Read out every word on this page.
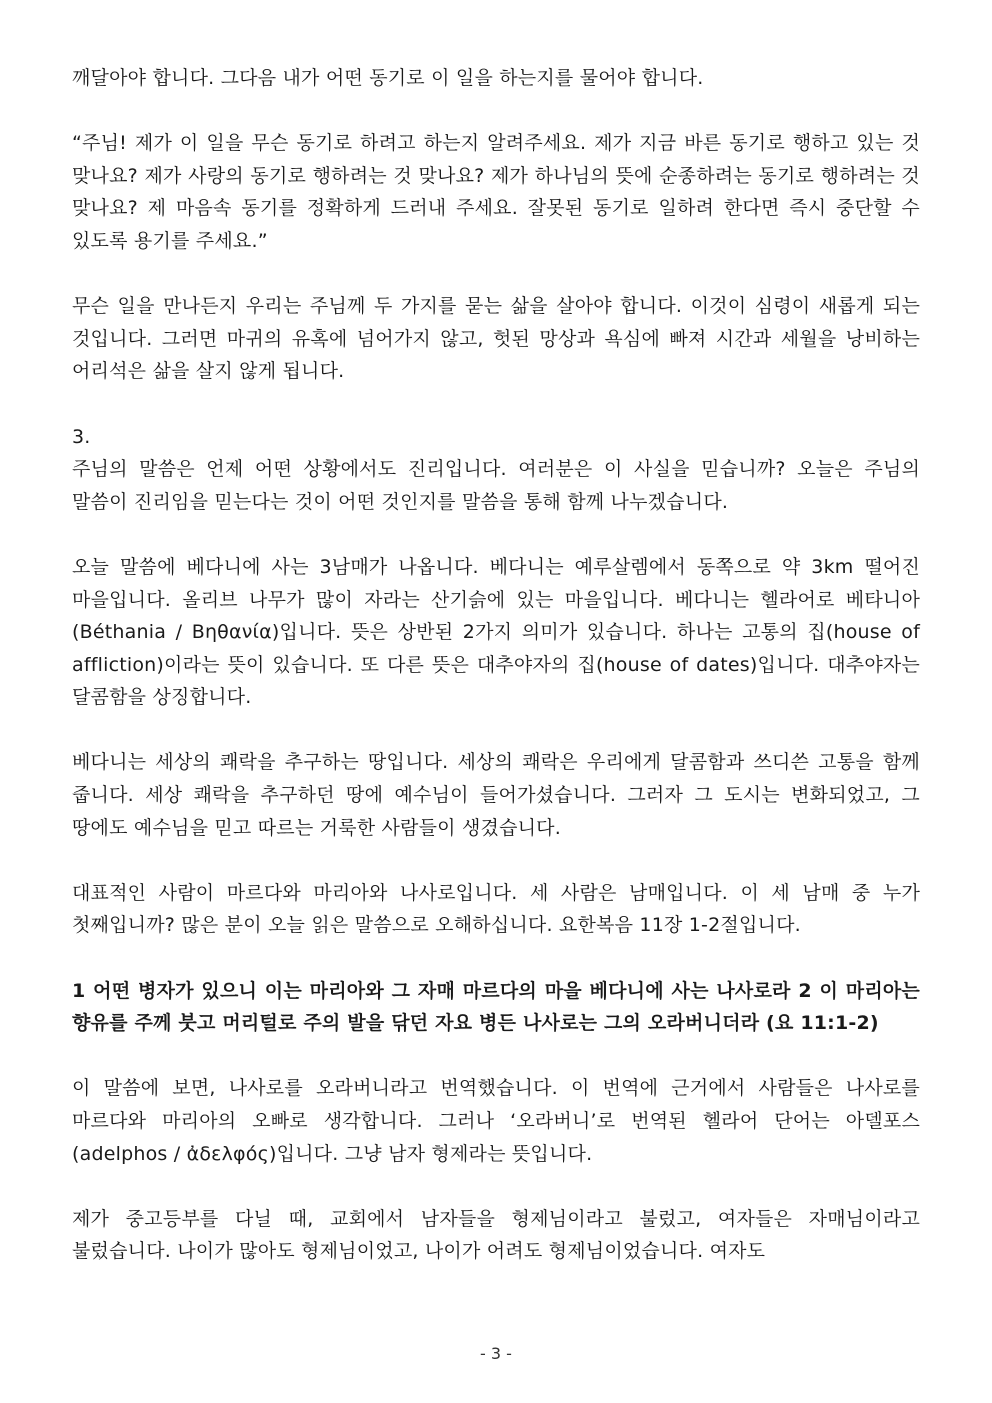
깨달아야 합니다. 그다음 내가 어떤 동기로 이 일을 하는지를 물어야 합니다.

“주님! 제가 이 일을 무슨 동기로 하려고 하는지 알려주세요. 제가 지금 바른 동기로 행하고 있는 것 맞나요? 제가 사랑의 동기로 행하려는 것 맞나요? 제가 하나님의 뜻에 순종하려는 동기로 행하려는 것 맞나요? 제 마음속 동기를 정확하게 드러내 주세요. 잘못된 동기로 일하려 한다면 즉시 중단할 수 있도록 용기를 주세요.”

무슨 일을 만나든지 우리는 주님께 두 가지를 묻는 삶을 살아야 합니다. 이것이 심령이 새롭게 되는 것입니다. 그러면 마귀의 유혹에 넘어가지 않고, 헛된 망상과 욕심에 빠져 시간과 세월을 낭비하는 어리석은 삶을 살지 않게 됩니다.

3.

주님의 말씀은 언제 어떤 상황에서도 진리입니다. 여러분은 이 사실을 믿습니까? 오늘은 주님의 말씀이 진리임을 믿는다는 것이 어떤 것인지를 말씀을 통해 함께 나누겠습니다.

오늘 말씀에 베다니에 사는 3남매가 나옵니다. 베다니는 예루살렘에서 동쪽으로 약 3km 떨어진 마을입니다. 올리브 나무가 많이 자라는 산기슭에 있는 마을입니다. 베다니는 헬라어로 베타니아(Béthania / Βηθανία)입니다. 뜻은 상반된 2가지 의미가 있습니다. 하나는 고통의 집(house of affliction)이라는 뜻이 있습니다. 또 다른 뜻은 대추야자의 집(house of dates)입니다. 대추야자는 달콤함을 상징합니다.

베다니는 세상의 쾌락을 추구하는 땅입니다. 세상의 쾌락은 우리에게 달콤함과 쓰디쓴 고통을 함께 줍니다. 세상 쾌락을 추구하던 땅에 예수님이 들어가셨습니다. 그러자 그 도시는 변화되었고, 그 땅에도 예수님을 믿고 따르는 거룩한 사람들이 생겼습니다.

대표적인 사람이 마르다와 마리아와 나사로입니다. 세 사람은 남매입니다. 이 세 남매 중 누가 첫째입니까? 많은 분이 오늘 읽은 말씀으로 오해하십니다. 요한복음 11장 1-2절입니다.

1 어떤 병자가 있으니 이는 마리아와 그 자매 마르다의 마을 베다니에 사는 나사로라 2 이 마리아는 향유를 주께 붓고 머리털로 주의 발을 닦던 자요 병든 나사로는 그의 오라버니더라 (요 11:1-2)

이 말씀에 보면, 나사로를 오라버니라고 번역했습니다. 이 번역에 근거에서 사람들은 나사로를 마르다와 마리아의 오빠로 생각합니다. 그러나 ‘오라버니’로 번역된 헬라어 단어는 아델포스(adelphos / ἀδελφός)입니다. 그냥 남자 형제라는 뜻입니다.

제가 중고등부를 다닐 때, 교회에서 남자들을 형제님이라고 불렀고, 여자들은 자매님이라고 불렀습니다. 나이가 많아도 형제님이었고, 나이가 어려도 형제님이었습니다. 여자도

- 3 -
